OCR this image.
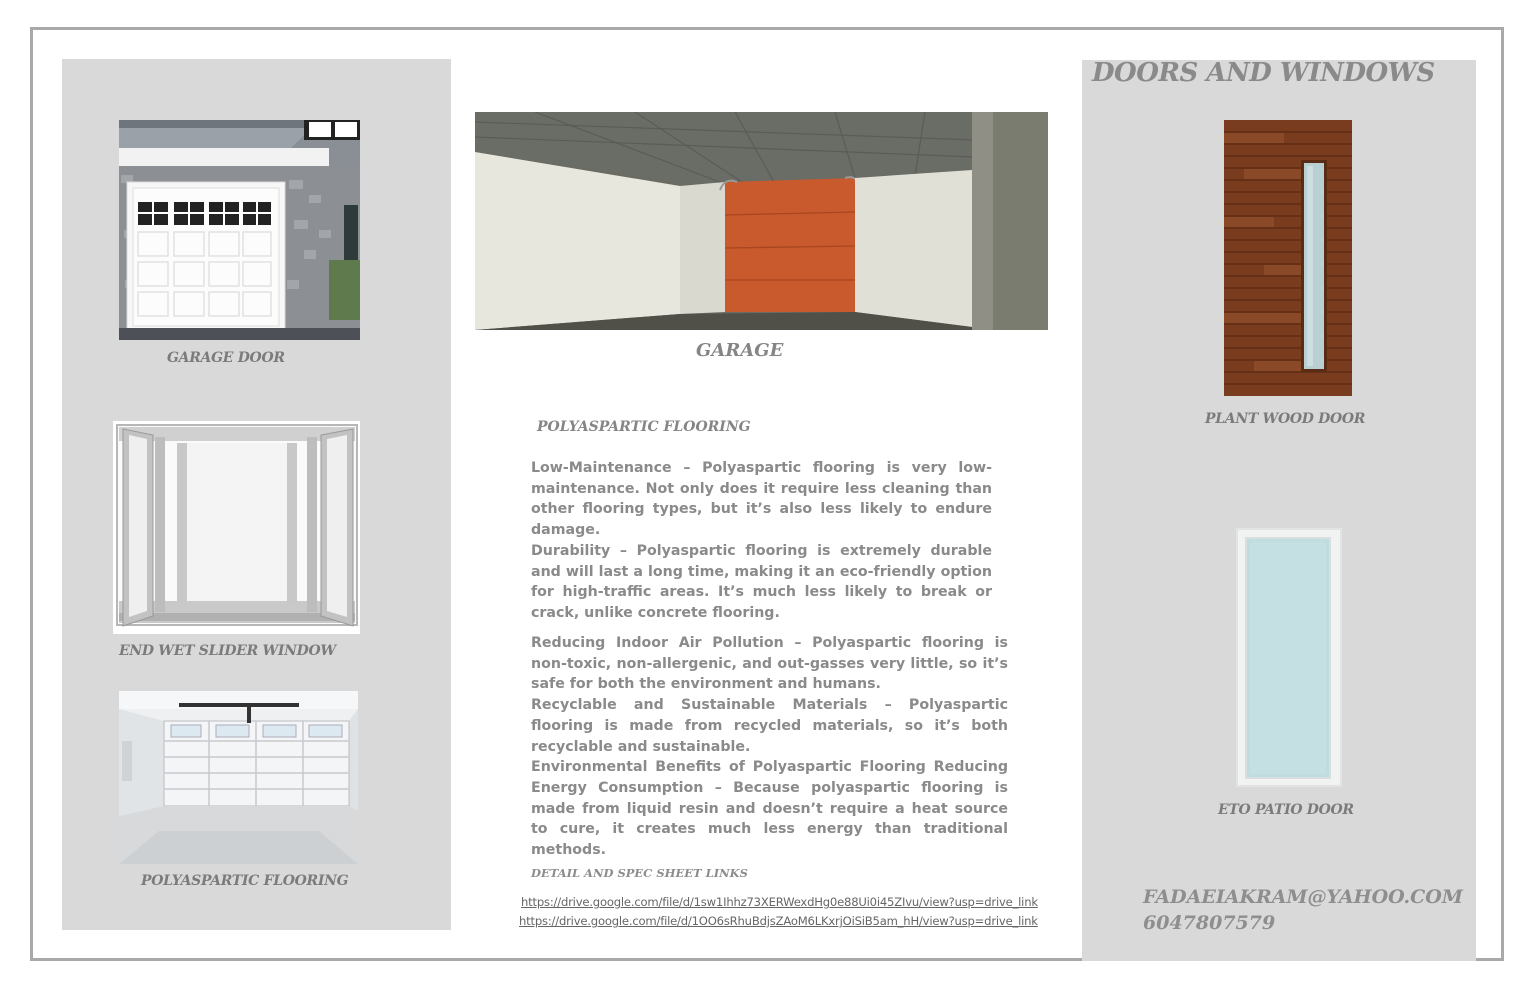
GARAGE DOOR
END WET SLIDER WINDOW
POLYASPARTIC FLOORING
GARAGE
POLYASPARTIC FLOORING

Low-Maintenance – Polyaspartic flooring is very low-maintenance. Not only does it require less cleaning than other flooring types, but it’s also less likely to endure damage.

Durability – Polyaspartic flooring is extremely durable and will last a long time, making it an eco-friendly option for high-traffic areas. It’s much less likely to break or crack, unlike concrete flooring.

Reducing Indoor Air Pollution – Polyaspartic flooring is non-toxic, non-allergenic, and out-gasses very little, so it’s safe for both the environment and humans.

Recyclable and Sustainable Materials – Polyaspartic flooring is made from recycled materials, so it’s both recyclable and sustainable.

Environmental Benefits of Polyaspartic Flooring Reducing Energy Consumption – Because polyaspartic flooring is made from liquid resin and doesn’t require a heat source to cure, it creates much less energy than traditional methods.

DETAIL AND SPEC SHEET LINKS
https://drive.google.com/file/d/1sw1Ihhz73XERWexdHg0e88Ui0i45ZIvu/view?usp=drive_link
https://drive.google.com/file/d/1OO6sRhuBdjsZAoM6LKxrjOiSiB5am_hH/view?usp=drive_link
DOORS AND WINDOWS
PLANT WOOD DOOR
ETO PATIO DOOR
FADAEIAKRAM@YAHOO.COM
6047807579
